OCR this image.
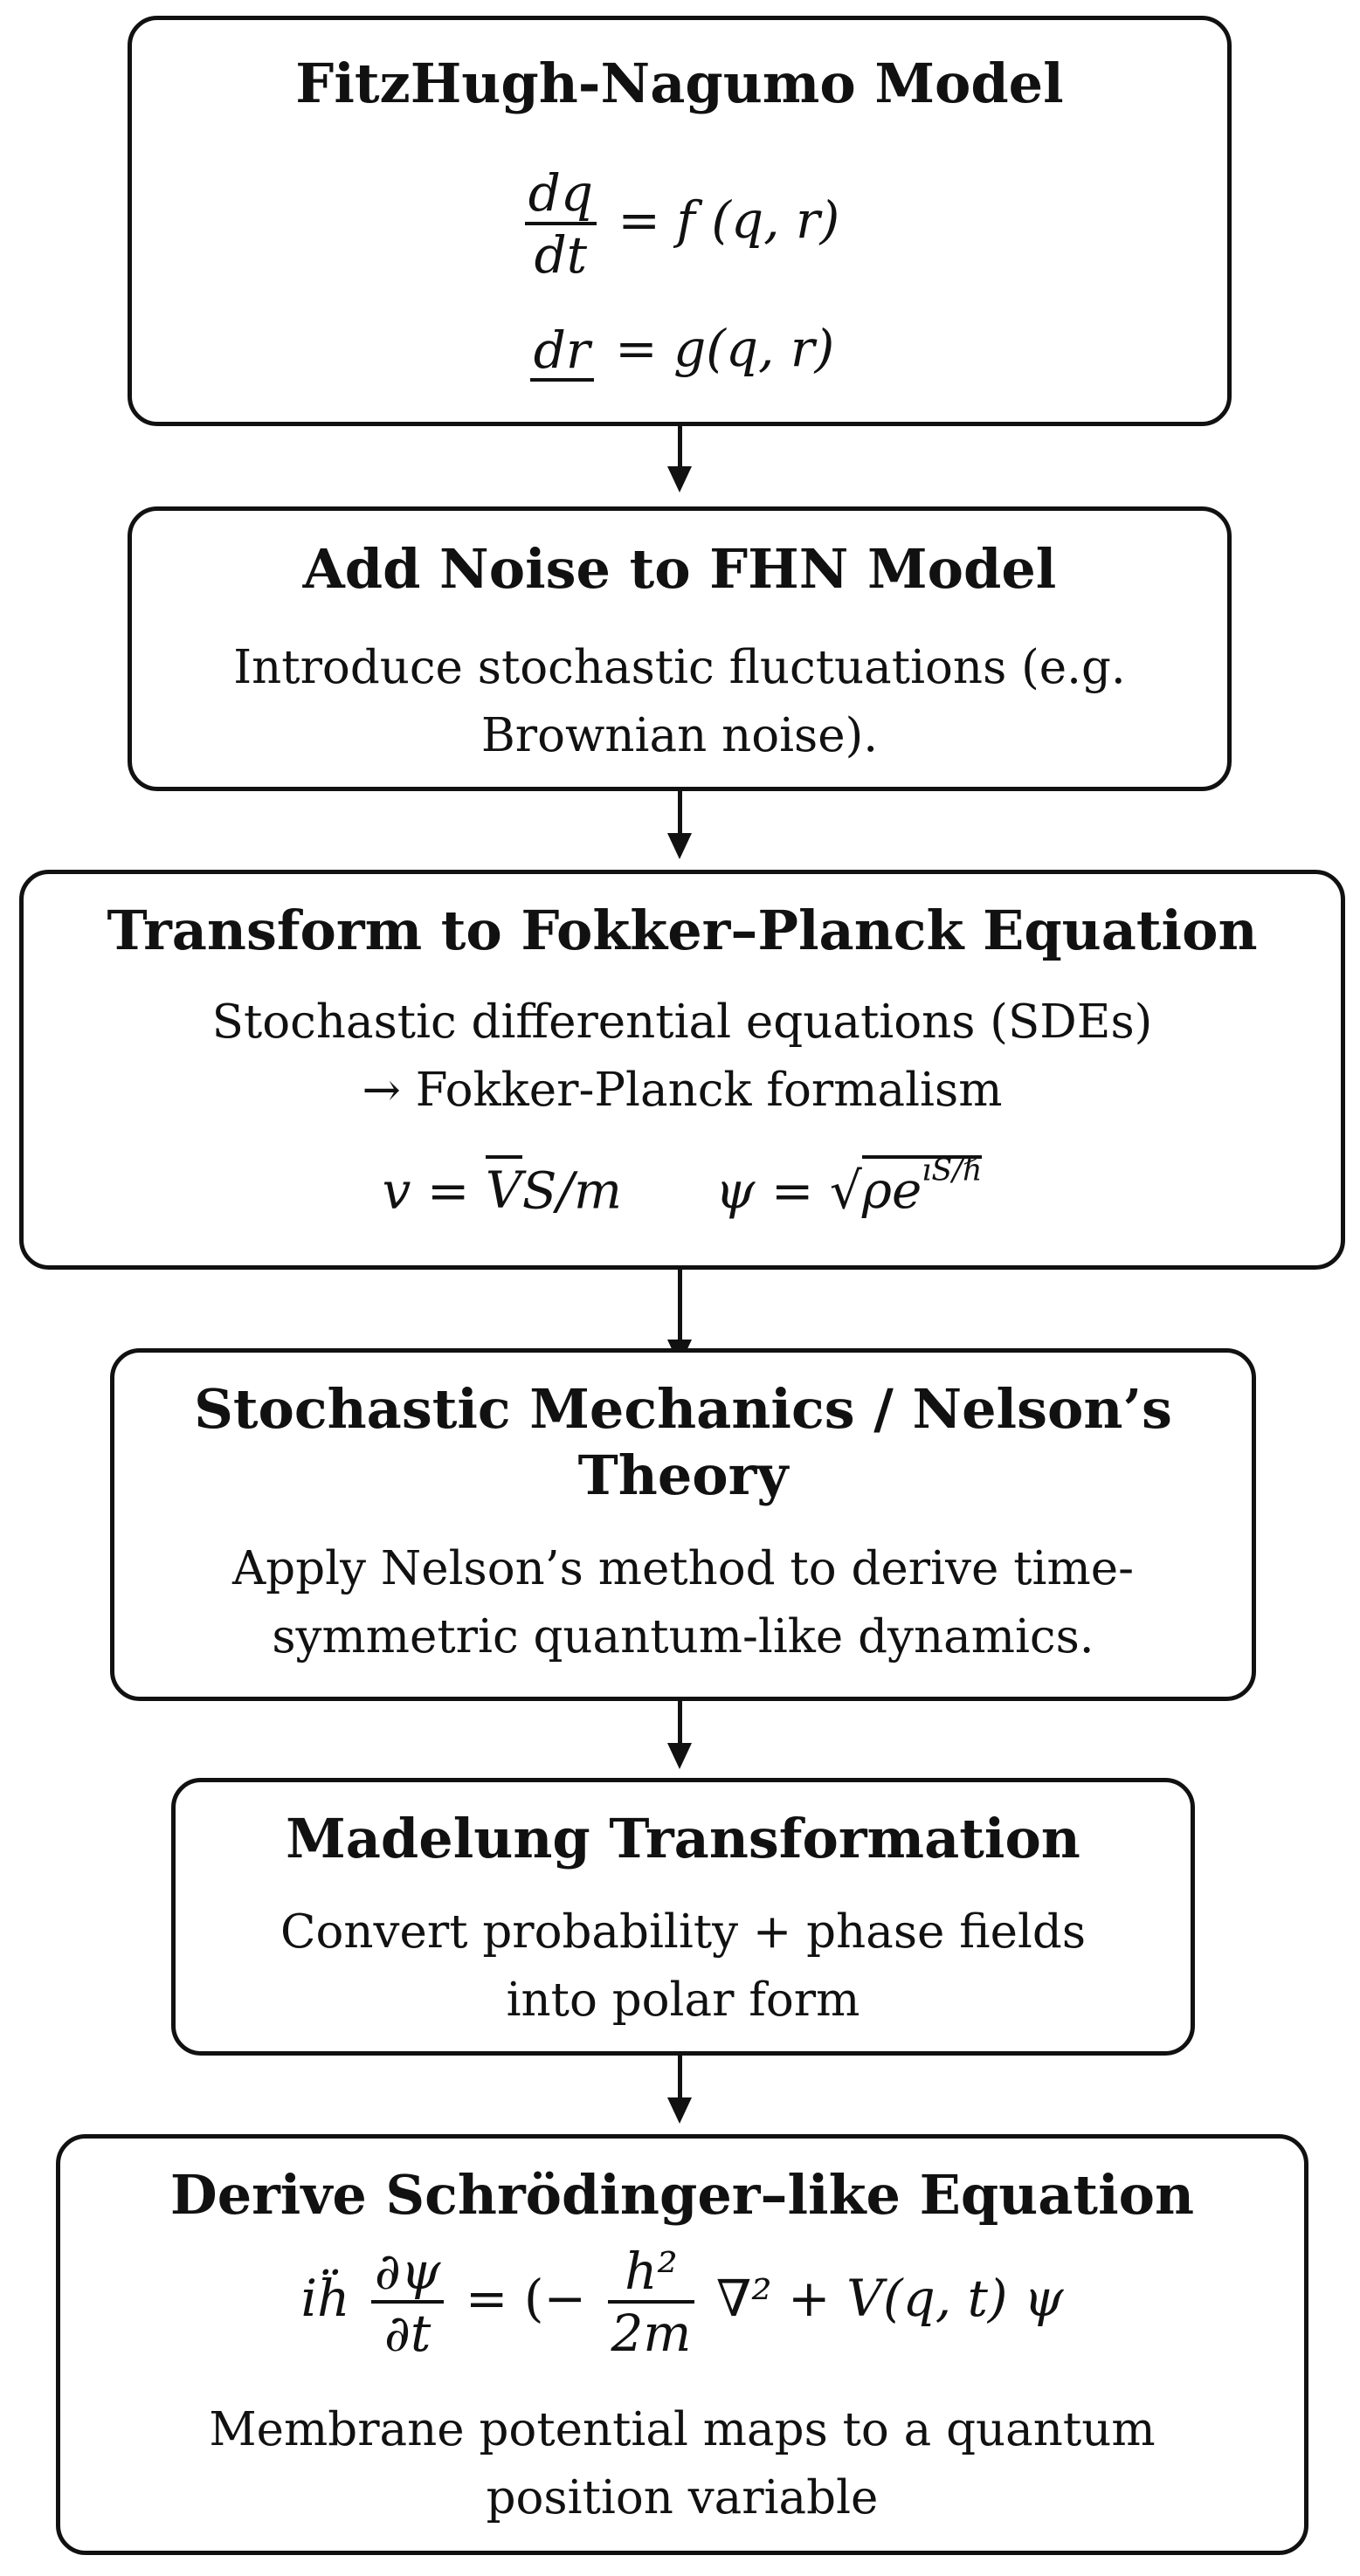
FitzHugh-Nagumo Model
$\frac{dq}{dt} = f$ (q, r)
dr = g(q, r)
Add Noise to FHN Model
Introduce stochastic fluctuations (e.g.
Brownian noise).
Transform to Fokker–Planck Equation
Stochastic differential equations (SDEs)
→ Fokker-Planck formalism
v = VS/m $\psi = √\rho e^{ıS/\hbar}$
Stochastic Mechanics / Nelson’s
Theory
Apply Nelson’s method to derive time-
symmetric quantum-like dynamics.
Madelung Transformation
Convert probability + phase fields
into polar form
Derive Schrödinger–like Equation
iḧ $\frac{\partial\psi}{\partial t}$ = (− $\frac{\text{h²}}{2m} \nabla^2 + V(q$, t) ψ
Membrane potential maps to a quantum
position variable
